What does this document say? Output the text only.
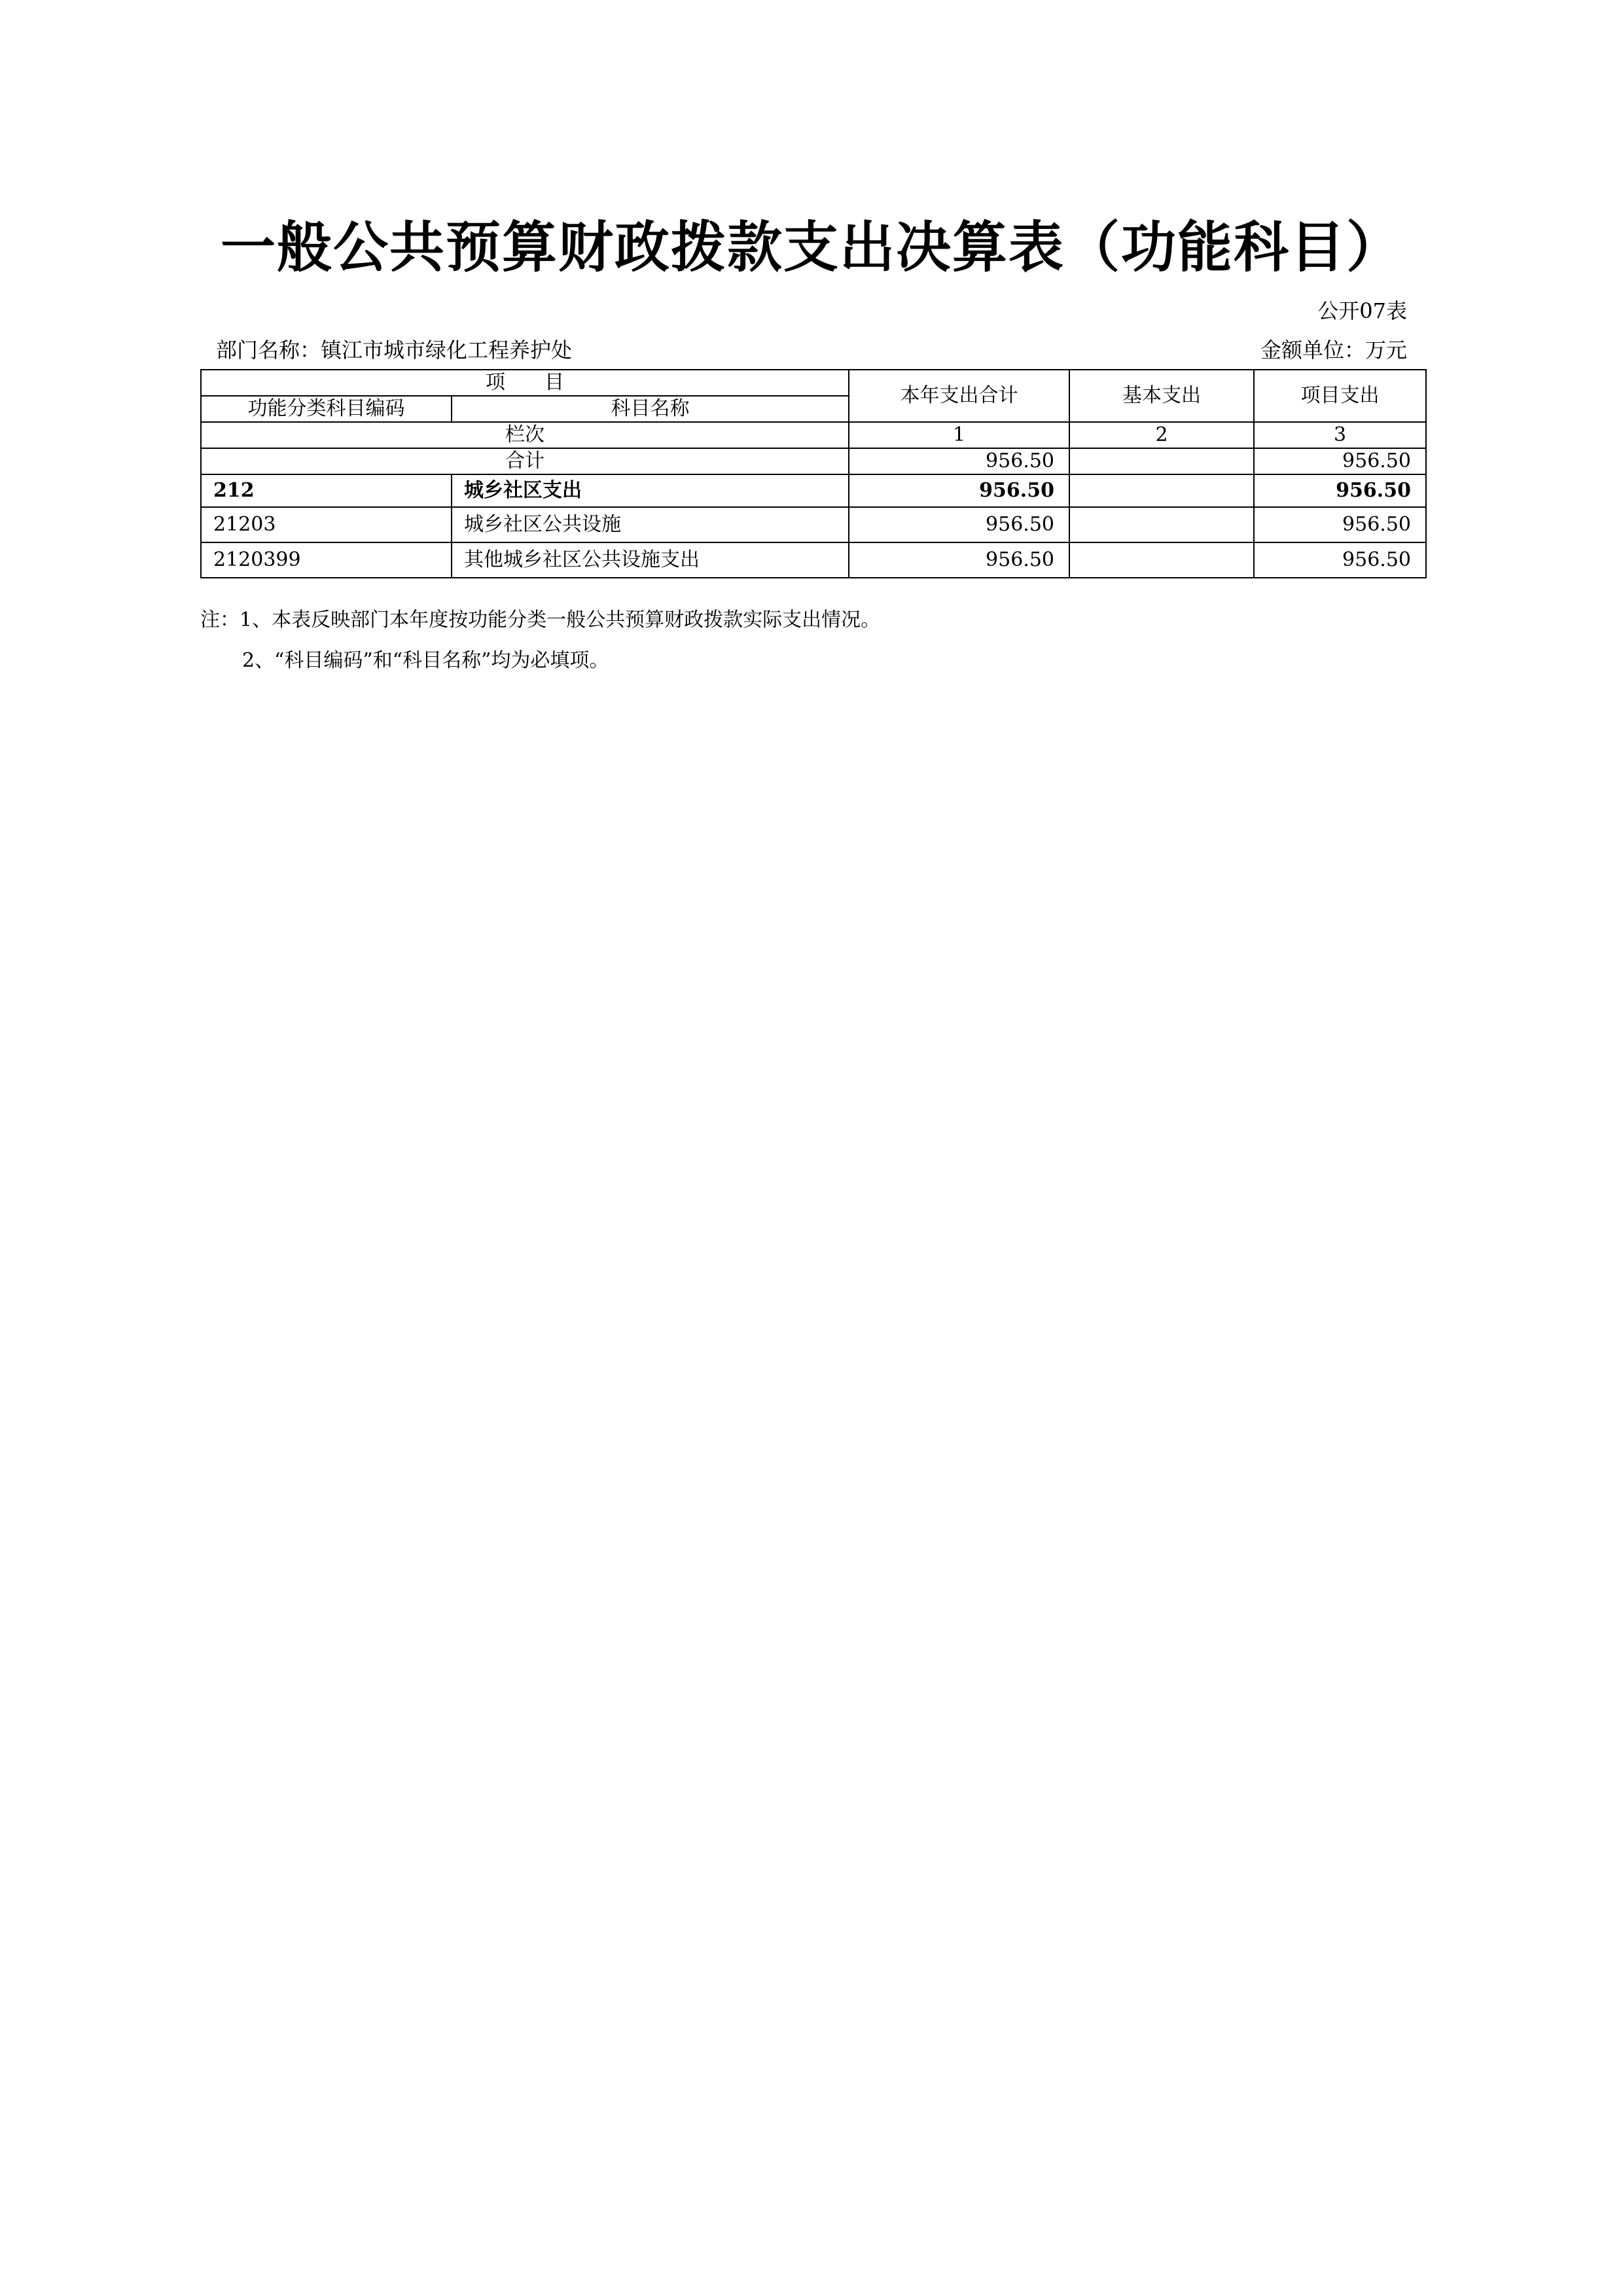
一般公共预算财政拨款支出决算表（功能科目）
公开07表
部门名称：镇江市城市绿化工程养护处	金额单位：万元
项　　目		本年支出合计	基本支出	项目支出
功能分类科目编码	科目名称			
栏次		1	2	3
合计		956.50		956.50
212	城乡社区支出	956.50		956.50
21203	城乡社区公共设施	956.50		956.50
2120399	其他城乡社区公共设施支出	956.50		956.50
注：1、本表反映部门本年度按功能分类一般公共预算财政拨款实际支出情况。
2、“科目编码”和“科目名称”均为必填项。
